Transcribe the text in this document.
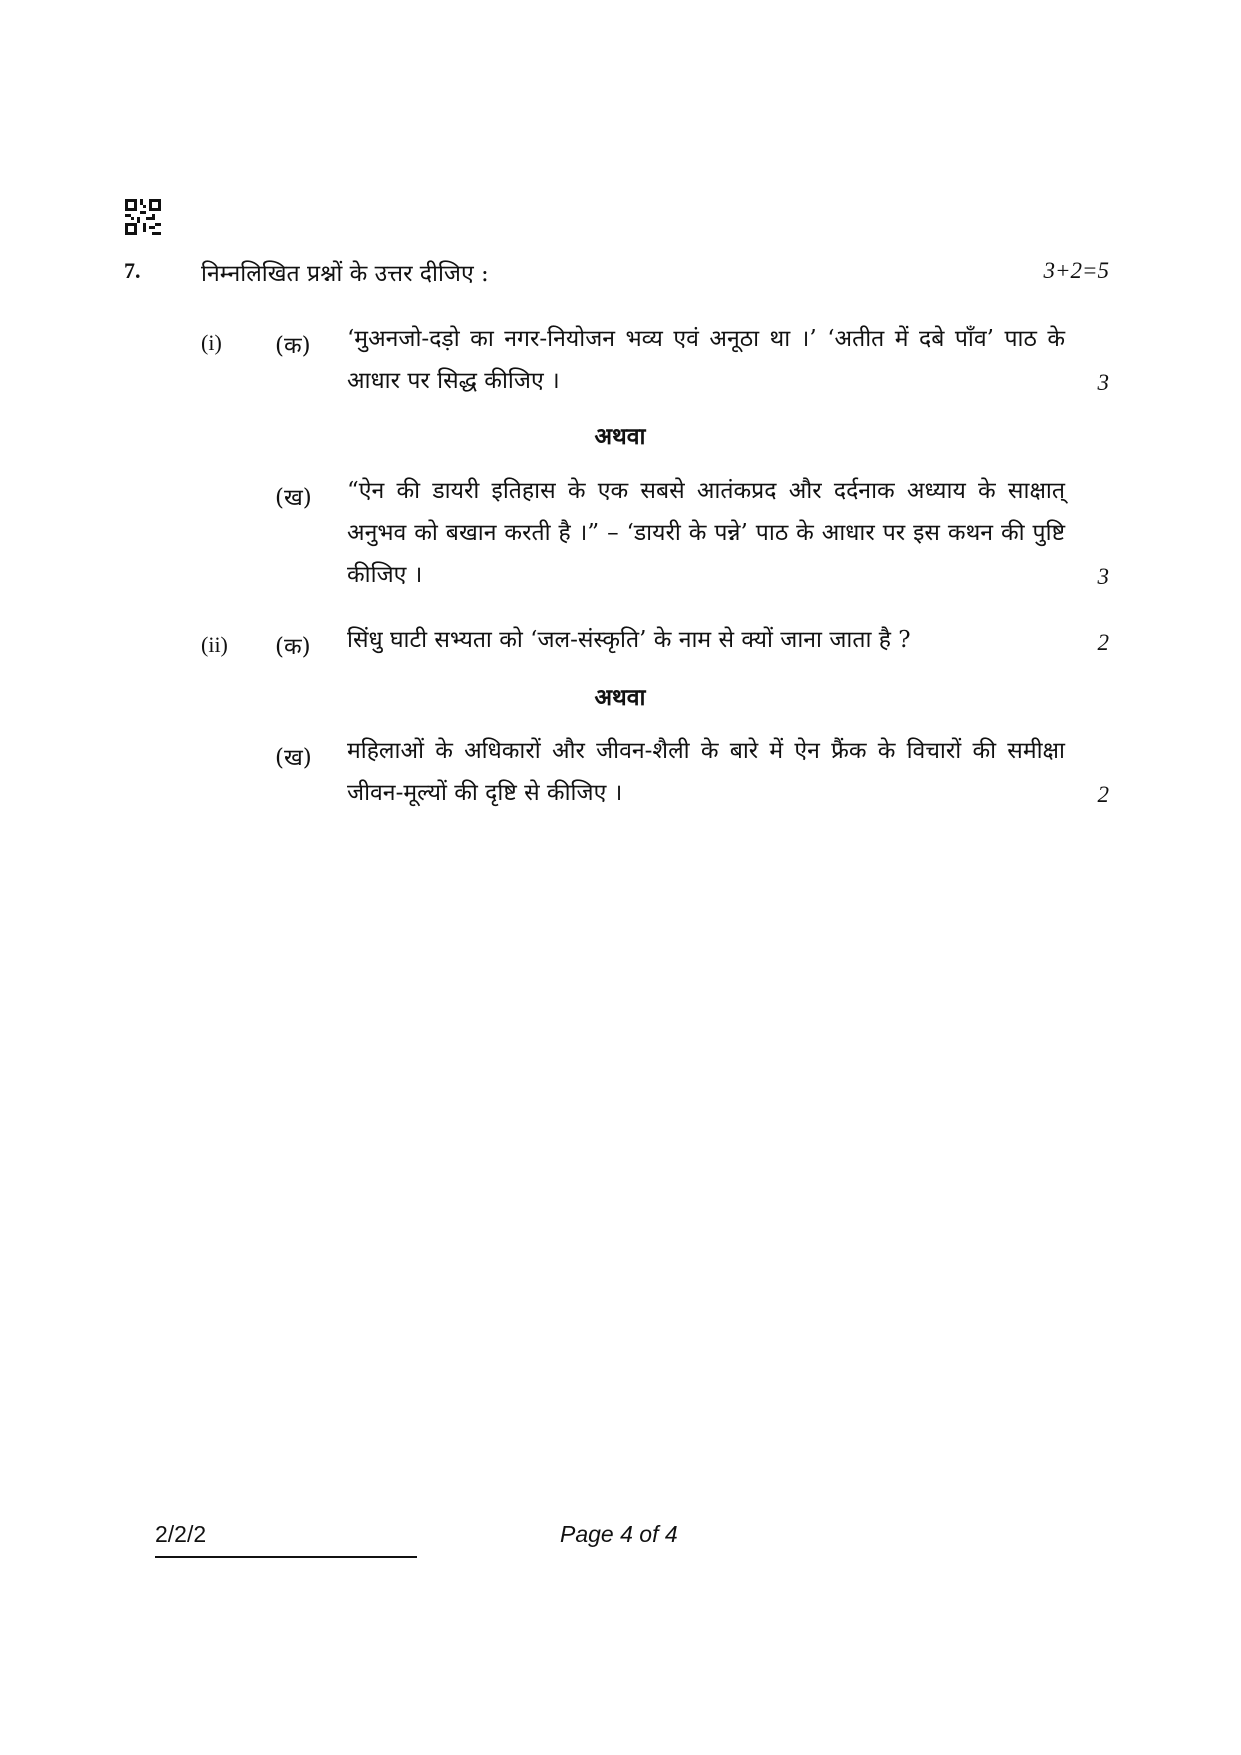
7.	निम्नलिखित प्रश्नों के उत्तर दीजिए :	3+2=5
(i) (क) ‘मुअनजो-दड़ो का नगर-नियोजन भव्य एवं अनूठा था ।’ ‘अतीत में दबे पाँव’ पाठ के आधार पर सिद्ध कीजिए ।	3
अथवा
(ख) “ऐन की डायरी इतिहास के एक सबसे आतंकप्रद और दर्दनाक अध्याय के साक्षात् अनुभव को बखान करती है ।” – ‘डायरी के पन्ने’ पाठ के आधार पर इस कथन की पुष्टि कीजिए ।	3
(ii) (क) सिंधु घाटी सभ्यता को ‘जल-संस्कृति’ के नाम से क्यों जाना जाता है ?	2
अथवा
(ख) महिलाओं के अधिकारों और जीवन-शैली के बारे में ऐन फ्रैंक के विचारों की समीक्षा जीवन-मूल्यों की दृष्टि से कीजिए ।	2
2/2/2	Page 4 of 4
